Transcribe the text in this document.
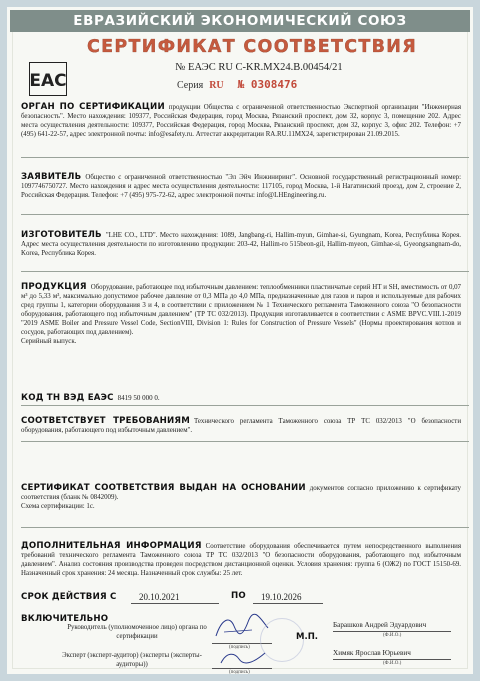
ЕВРАЗИЙСКИЙ ЭКОНОМИЧЕСКИЙ СОЮЗ
EAC
СЕРТИФИКАТ СООТВЕТСТВИЯ
№ ЕАЭС RU С-KR.MX24.В.00454/21
Серия RU № 0308476
ОРГАН ПО СЕРТИФИКАЦИИ продукции Общества с ограниченной ответственностью Экспертной организации "Инженерная безопасность". Место нахождения: 109377, Российская Федерация, город Москва, Рязанский проспект, дом 32, корпус 3, помещение 202. Адрес места осуществления деятельности: 109377, Российская Федерация, город Москва, Рязанский проспект, дом 32, корпус 3, офис 202. Телефон: +7 (495) 641-22-57, адрес электронной почты: info@esafety.ru. Аттестат аккредитации RA.RU.11MX24, зарегистрирован 21.09.2015.
ЗАЯВИТЕЛЬ Общество с ограниченной ответственностью "Эл Эйч Инжиниринг". Основной государственный регистрационный номер: 1097746750727. Место нахождения и адрес места осуществления деятельности: 117105, город Москва, 1-й Нагатинский проезд, дом 2, строение 2, Российская Федерация. Телефон: +7 (495) 975-72-62, адрес электронной почты: info@LHEngineering.ru.
ИЗГОТОВИТЕЛЬ "LHE CO., LTD". Место нахождения: 1089, Jangbang-ri, Hallim-myun, Gimhae-si, Gyungnam, Korea, Республика Корея. Адрес места осуществления деятельности по изготовлению продукции: 203-42, Hallim-ro 515beon-gil, Hallim-myeon, Gimhae-si, Gyeongsangnam-do, Korea, Республика Корея.
ПРОДУКЦИЯ Оборудование, работающее под избыточным давлением: теплообменники пластинчатые серий HT и SH, вместимость от 0,07 м³ до 5,33 м³, максимально допустимое рабочее давление от 0,3 МПа до 4,0 МПа, предназначенные для газов и паров и используемые для рабочих сред группы 1, категории оборудования 3 и 4, в соответствии с приложением № 1 Технического регламента Таможенного союза "О безопасности оборудования, работающего под избыточным давлением" (ТР ТС 032/2013). Продукция изготавливается в соответствии с ASME BPVC.VIII.1-2019 "2019 ASME Boiler and Pressure Vessel Code, SectionVIII, Division 1: Rules for Construction of Pressure Vessels" (Нормы проектирования котлов и сосудов, работающих под давлением).
Серийный выпуск.
КОД ТН ВЭД ЕАЭС 8419 50 000 0.
СООТВЕТСТВУЕТ ТРЕБОВАНИЯМ Технического регламента Таможенного союза ТР ТС 032/2013 "О безопасности оборудования, работающего под избыточным давлением".
СЕРТИФИКАТ СООТВЕТСТВИЯ ВЫДАН НА ОСНОВАНИИ документов согласно приложению к сертификату соответствия (бланк № 0842009).
Схема сертификации: 1с.
ДОПОЛНИТЕЛЬНАЯ ИНФОРМАЦИЯ Соответствие оборудования обеспечивается путем непосредственного выполнения требований технического регламента Таможенного союза ТР ТС 032/2013 "О безопасности оборудования, работающего под избыточным давлением". Анализ состояния производства проведен посредством дистанционной оценки. Условия хранения: группа 6 (ОЖ2) по ГОСТ 15150-69. Назначенный срок хранения: 24 месяца. Назначенный срок службы: 25 лет.
СРОК ДЕЙСТВИЯ С	20.10.2021	ПО 19.10.2026
ВКЛЮЧИТЕЛЬНО
Руководитель (уполномоченное лицо) органа по сертификации
(подпись)
М.П.
Барашков Андрей Эдуардович
(Ф.И.О.)
Эксперт (эксперт-аудитор) (эксперты (эксперты-аудиторы))
(подпись)
Химяк Ярослав Юрьевич
(Ф.И.О.)
